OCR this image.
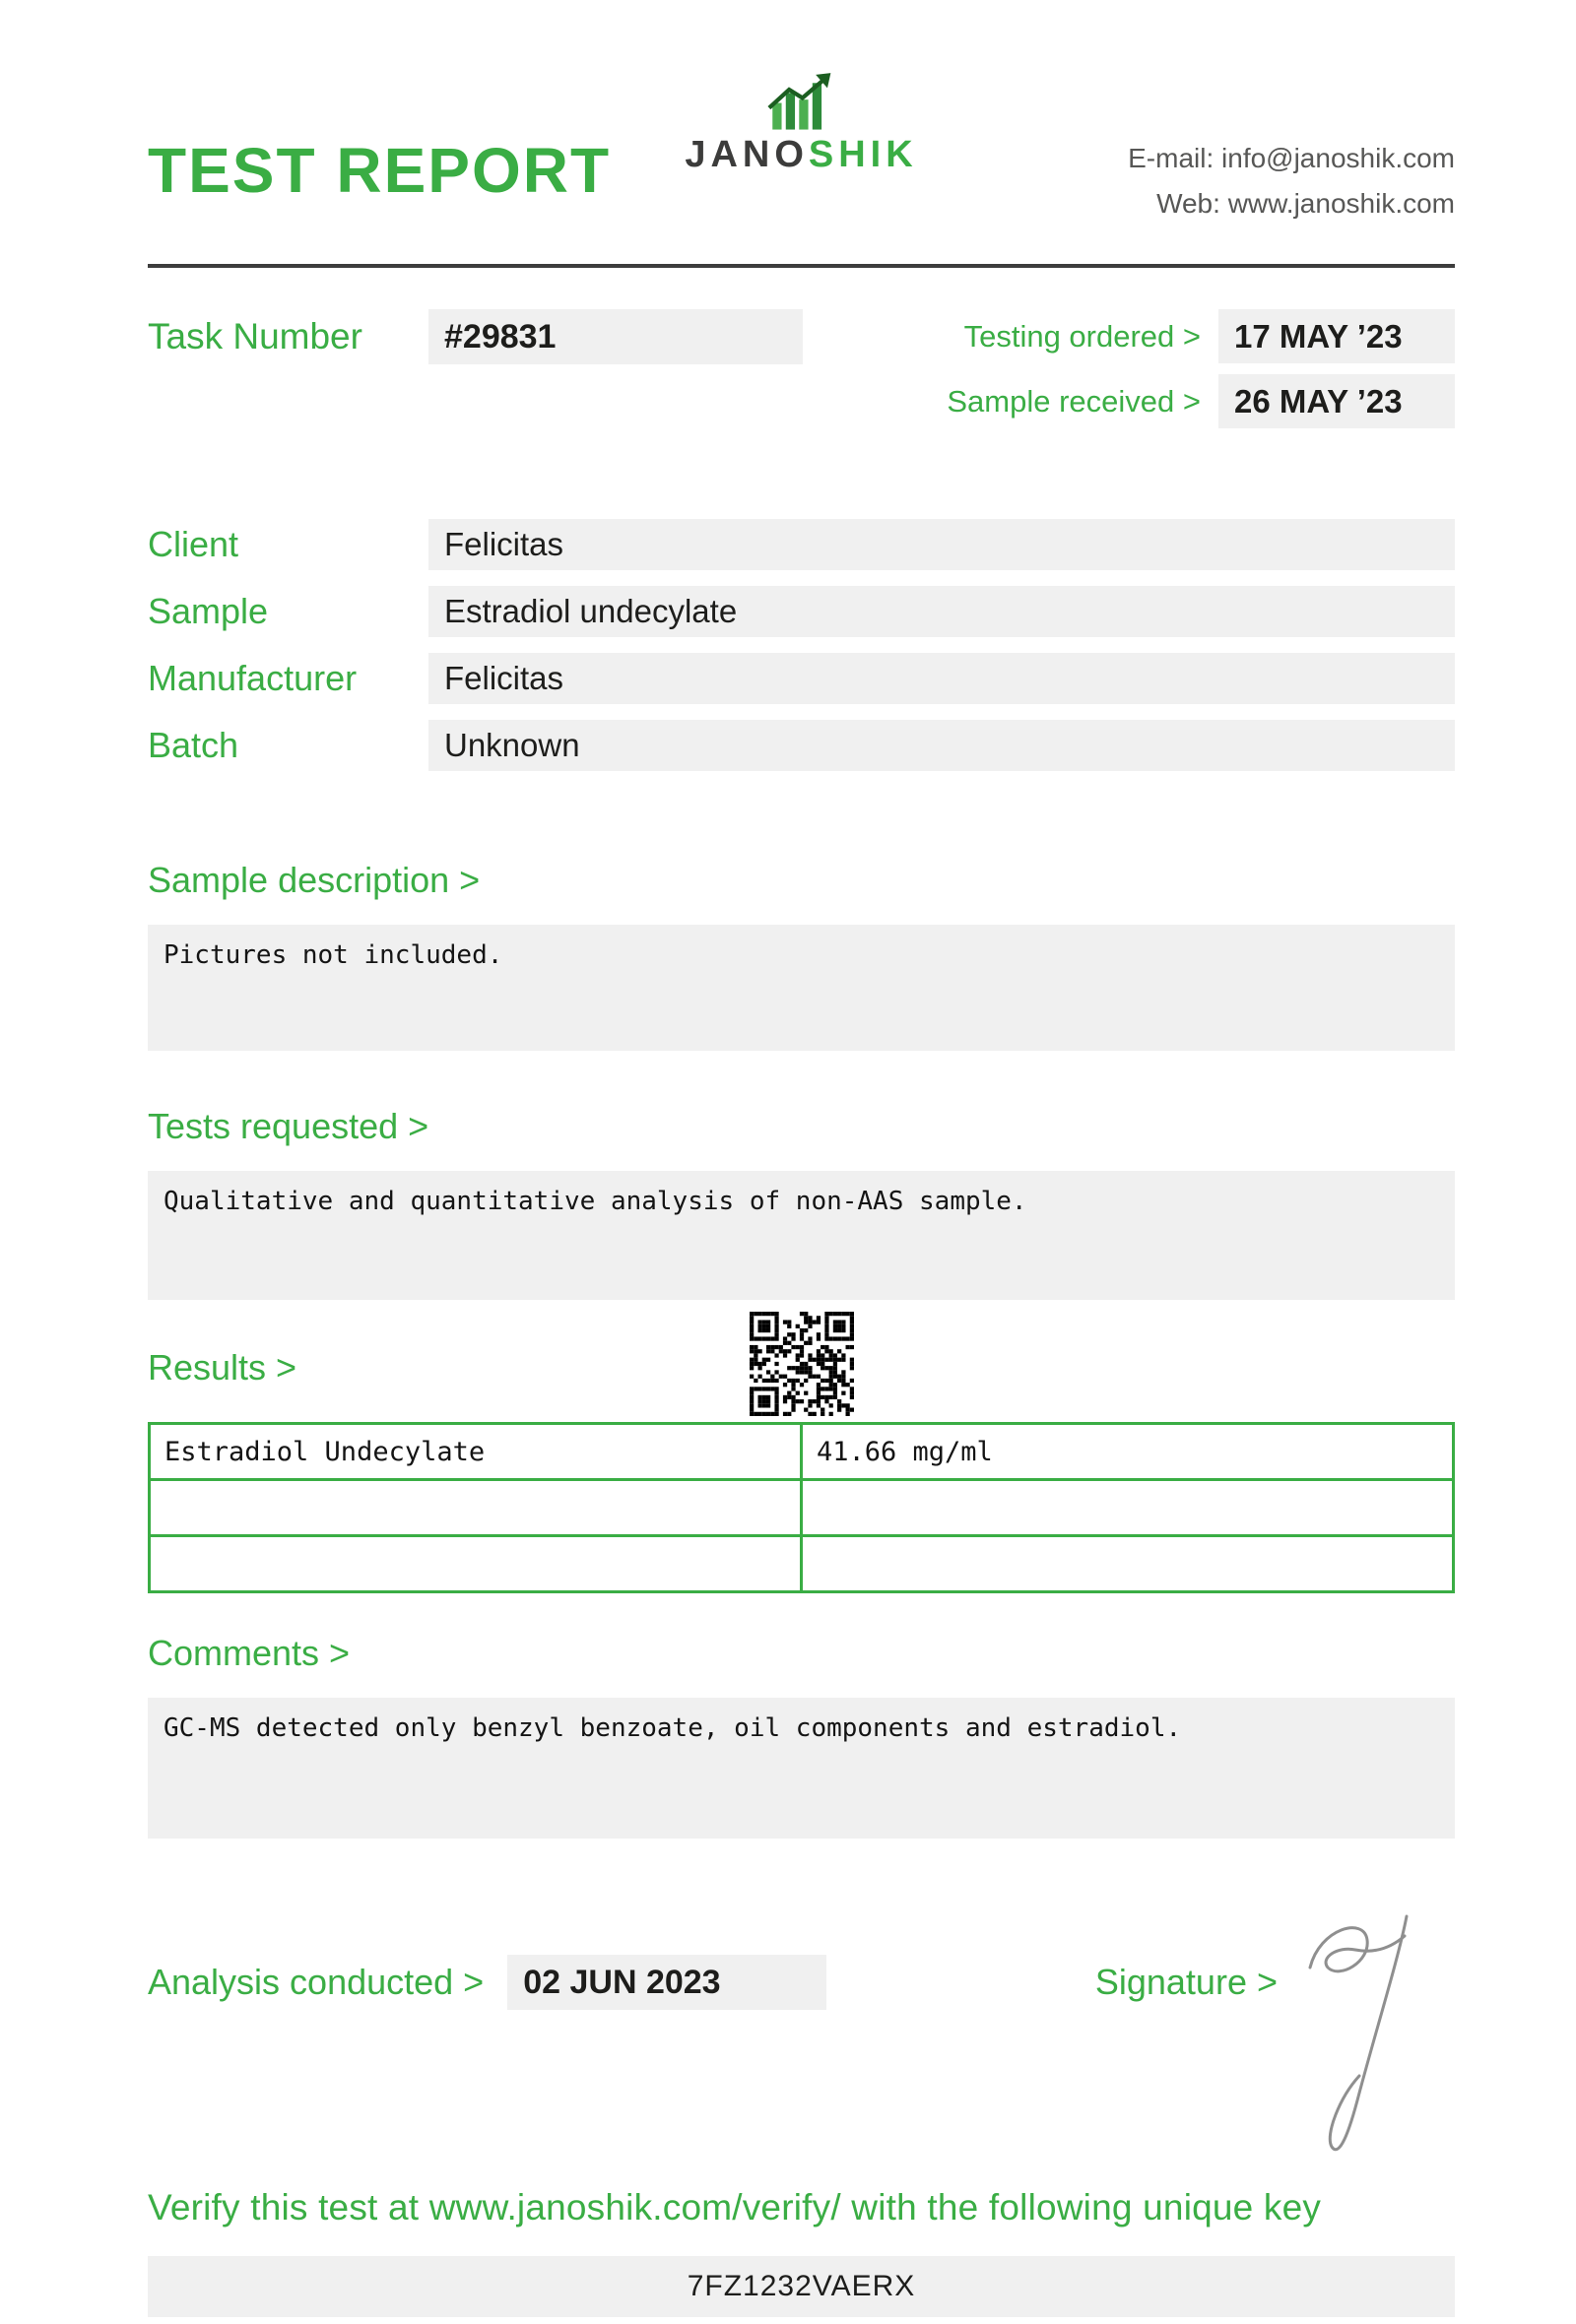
TEST REPORT JANOSHIK	E-mail: info@janoshik.com
Web: www.janoshik.com
Task Number	#29831	Testing ordered >	17 MAY ’23
Sample received >	26 MAY ’23
Client	Felicitas
Sample	Estradiol undecylate
Manufacturer	Felicitas
Batch	Unknown
Sample description >
Pictures not included.
Tests requested >
Qualitative and quantitative analysis of non-AAS sample.
Results >
Estradiol Undecylate	41.66 mg/ml

Comments >
GC-MS detected only benzyl benzoate, oil components and estradiol.
Analysis conducted >	02 JUN 2023	Signature >
Verify this test at www.janoshik.com/verify/ with the following unique key
7FZ1232VAERX
